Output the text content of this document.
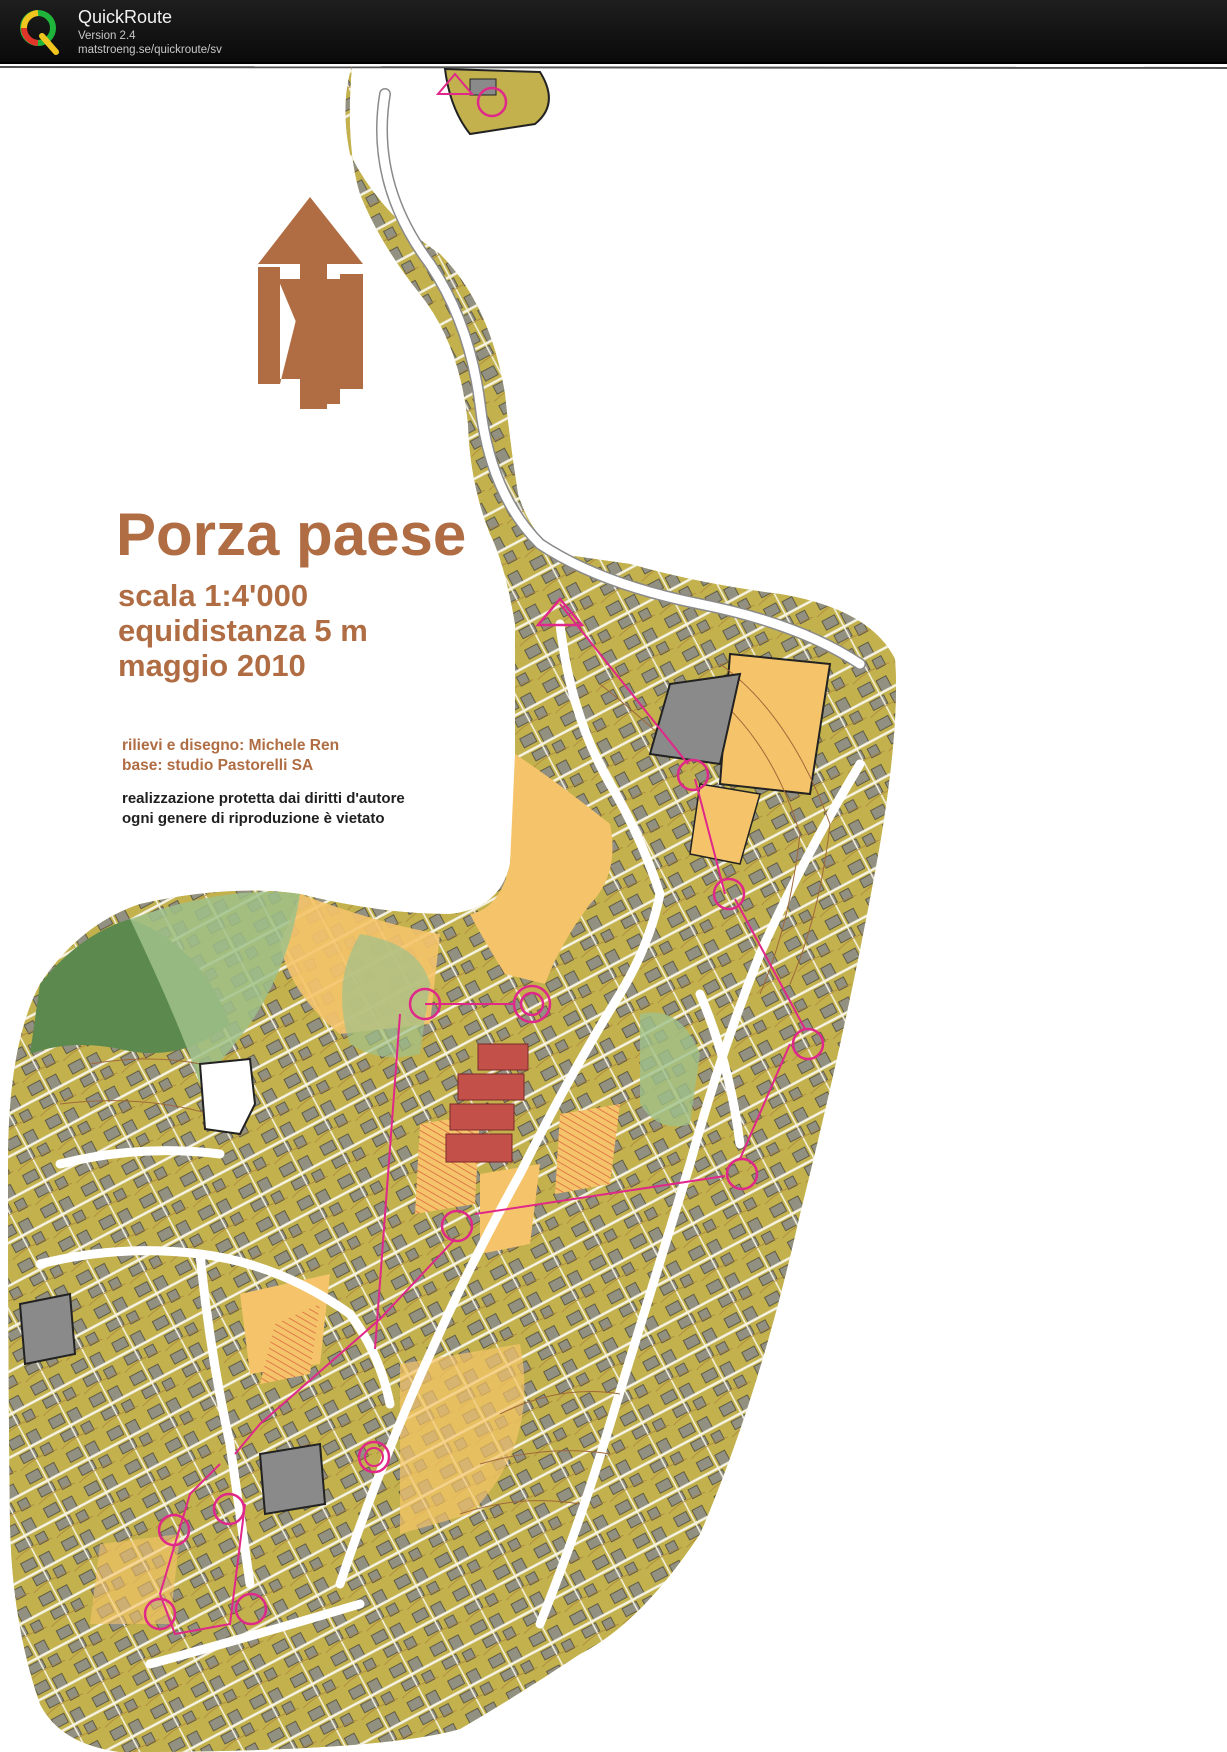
QuickRoute
Version 2.4
matstroeng.se/quickroute/sv
Porza paese
scala 1:4'000
equidistanza 5 m
maggio 2010
rilievi e disegno: Michele Ren
base: studio Pastorelli SA
realizzazione protetta dai diritti d'autore
ogni genere di riproduzione è vietato
